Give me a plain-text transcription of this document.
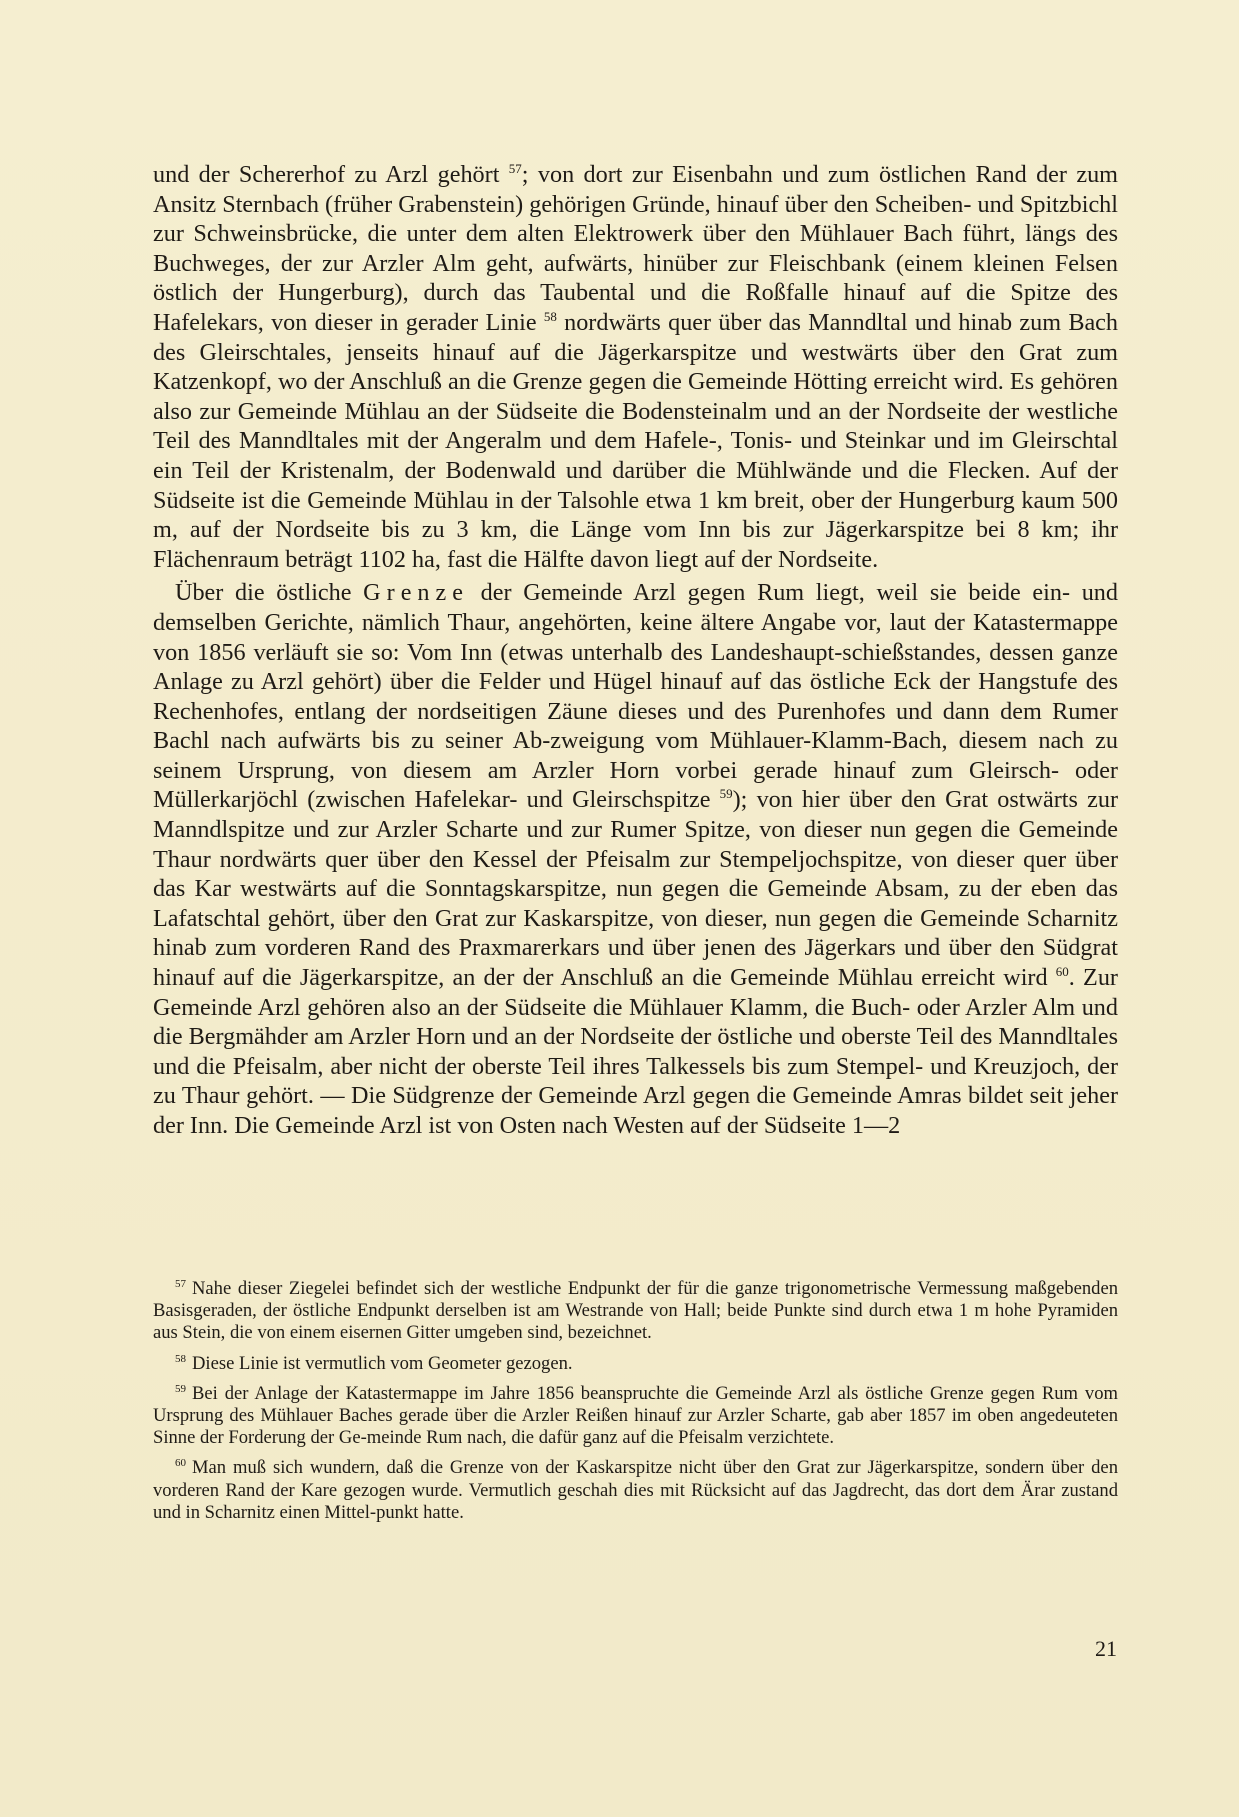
und der Schererhof zu Arzl gehört $^{57}$; von dort zur Eisenbahn und zum östlichen Rand der zum Ansitz Sternbach (früher Grabenstein) gehörigen Gründe, hinauf über den Scheiben- und Spitzbichl zur Schweinsbrücke, die unter dem alten Elektrowerk über den Mühlauer Bach führt, längs des Buchweges, der zur Arzler Alm geht, aufwärts, hinüber zur Fleischbank (einem kleinen Felsen östlich der Hungerburg), durch das Taubental und die Roßfalle hinauf auf die Spitze des Hafelekars, von dieser in gerader Linie $^{58}$ nordwärts quer über das Manndltal und hinab zum Bach des Gleirschtales, jenseits hinauf auf die Jägerkarspitze und westwärts über den Grat zum Katzenkopf, wo der Anschluß an die Grenze gegen die Gemeinde Hötting erreicht wird. Es gehören also zur Gemeinde Mühlau an der Südseite die Bodensteinalm und an der Nordseite der westliche Teil des Manndltales mit der Angeralm und dem Hafele-, Tonis- und Steinkar und im Gleirschtal ein Teil der Kristenalm, der Bodenwald und darüber die Mühlwände und die Flecken. Auf der Südseite ist die Gemeinde Mühlau in der Talsohle etwa 1 km breit, ober der Hungerburg kaum 500 m, auf der Nordseite bis zu 3 km, die Länge vom Inn bis zur Jägerkarspitze bei 8 km; ihr Flächenraum beträgt 1102 ha, fast die Hälfte davon liegt auf der Nordseite.

Über die östliche Grenze der Gemeinde Arzl gegen Rum liegt, weil sie beide ein- und demselben Gerichte, nämlich Thaur, angehörten, keine ältere Angabe vor, laut der Katastermappe von 1856 verläuft sie so: Vom Inn (etwas unterhalb des Landeshaupt-schießstandes, dessen ganze Anlage zu Arzl gehört) über die Felder und Hügel hinauf auf das östliche Eck der Hangstufe des Rechenhofes, entlang der nordseitigen Zäune dieses und des Purenhofes und dann dem Rumer Bachl nach aufwärts bis zu seiner Ab-zweigung vom Mühlauer-Klamm-Bach, diesem nach zu seinem Ursprung, von diesem am Arzler Horn vorbei gerade hinauf zum Gleirsch- oder Müllerkarjöchl (zwischen Hafelekar- und Gleirschspitze $^{59}$); von hier über den Grat ostwärts zur Manndlspitze und zur Arzler Scharte und zur Rumer Spitze, von dieser nun gegen die Gemeinde Thaur nordwärts quer über den Kessel der Pfeisalm zur Stempeljochspitze, von dieser quer über das Kar westwärts auf die Sonntagskarspitze, nun gegen die Gemeinde Absam, zu der eben das Lafatschtal gehört, über den Grat zur Kaskarspitze, von dieser, nun gegen die Gemeinde Scharnitz hinab zum vorderen Rand des Praxmarerkars und über jenen des Jägerkars und über den Südgrat hinauf auf die Jägerkarspitze, an der der Anschluß an die Gemeinde Mühlau erreicht wird $^{60}$. Zur Gemeinde Arzl gehören also an der Südseite die Mühlauer Klamm, die Buch- oder Arzler Alm und die Bergmähder am Arzler Horn und an der Nordseite der östliche und oberste Teil des Manndltales und die Pfeisalm, aber nicht der oberste Teil ihres Talkessels bis zum Stempel- und Kreuzjoch, der zu Thaur gehört. — Die Südgrenze der Gemeinde Arzl gegen die Gemeinde Amras bildet seit jeher der Inn. Die Gemeinde Arzl ist von Osten nach Westen auf der Südseite 1—2

$^{57}$ Nahe dieser Ziegelei befindet sich der westliche Endpunkt der für die ganze trigonometrische Vermessung maßgebenden Basisgeraden, der östliche Endpunkt derselben ist am Westrande von Hall; beide Punkte sind durch etwa 1 m hohe Pyramiden aus Stein, die von einem eisernen Gitter umgeben sind, bezeichnet.

$^{58}$ Diese Linie ist vermutlich vom Geometer gezogen.

$^{59}$ Bei der Anlage der Katastermappe im Jahre 1856 beanspruchte die Gemeinde Arzl als östliche Grenze gegen Rum vom Ursprung des Mühlauer Baches gerade über die Arzler Reißen hinauf zur Arzler Scharte, gab aber 1857 im oben angedeuteten Sinne der Forderung der Ge-meinde Rum nach, die dafür ganz auf die Pfeisalm verzichtete.

$^{60}$ Man muß sich wundern, daß die Grenze von der Kaskarspitze nicht über den Grat zur Jägerkarspitze, sondern über den vorderen Rand der Kare gezogen wurde. Vermutlich geschah dies mit Rücksicht auf das Jagdrecht, das dort dem Ärar zustand und in Scharnitz einen Mittel-punkt hatte.

21
